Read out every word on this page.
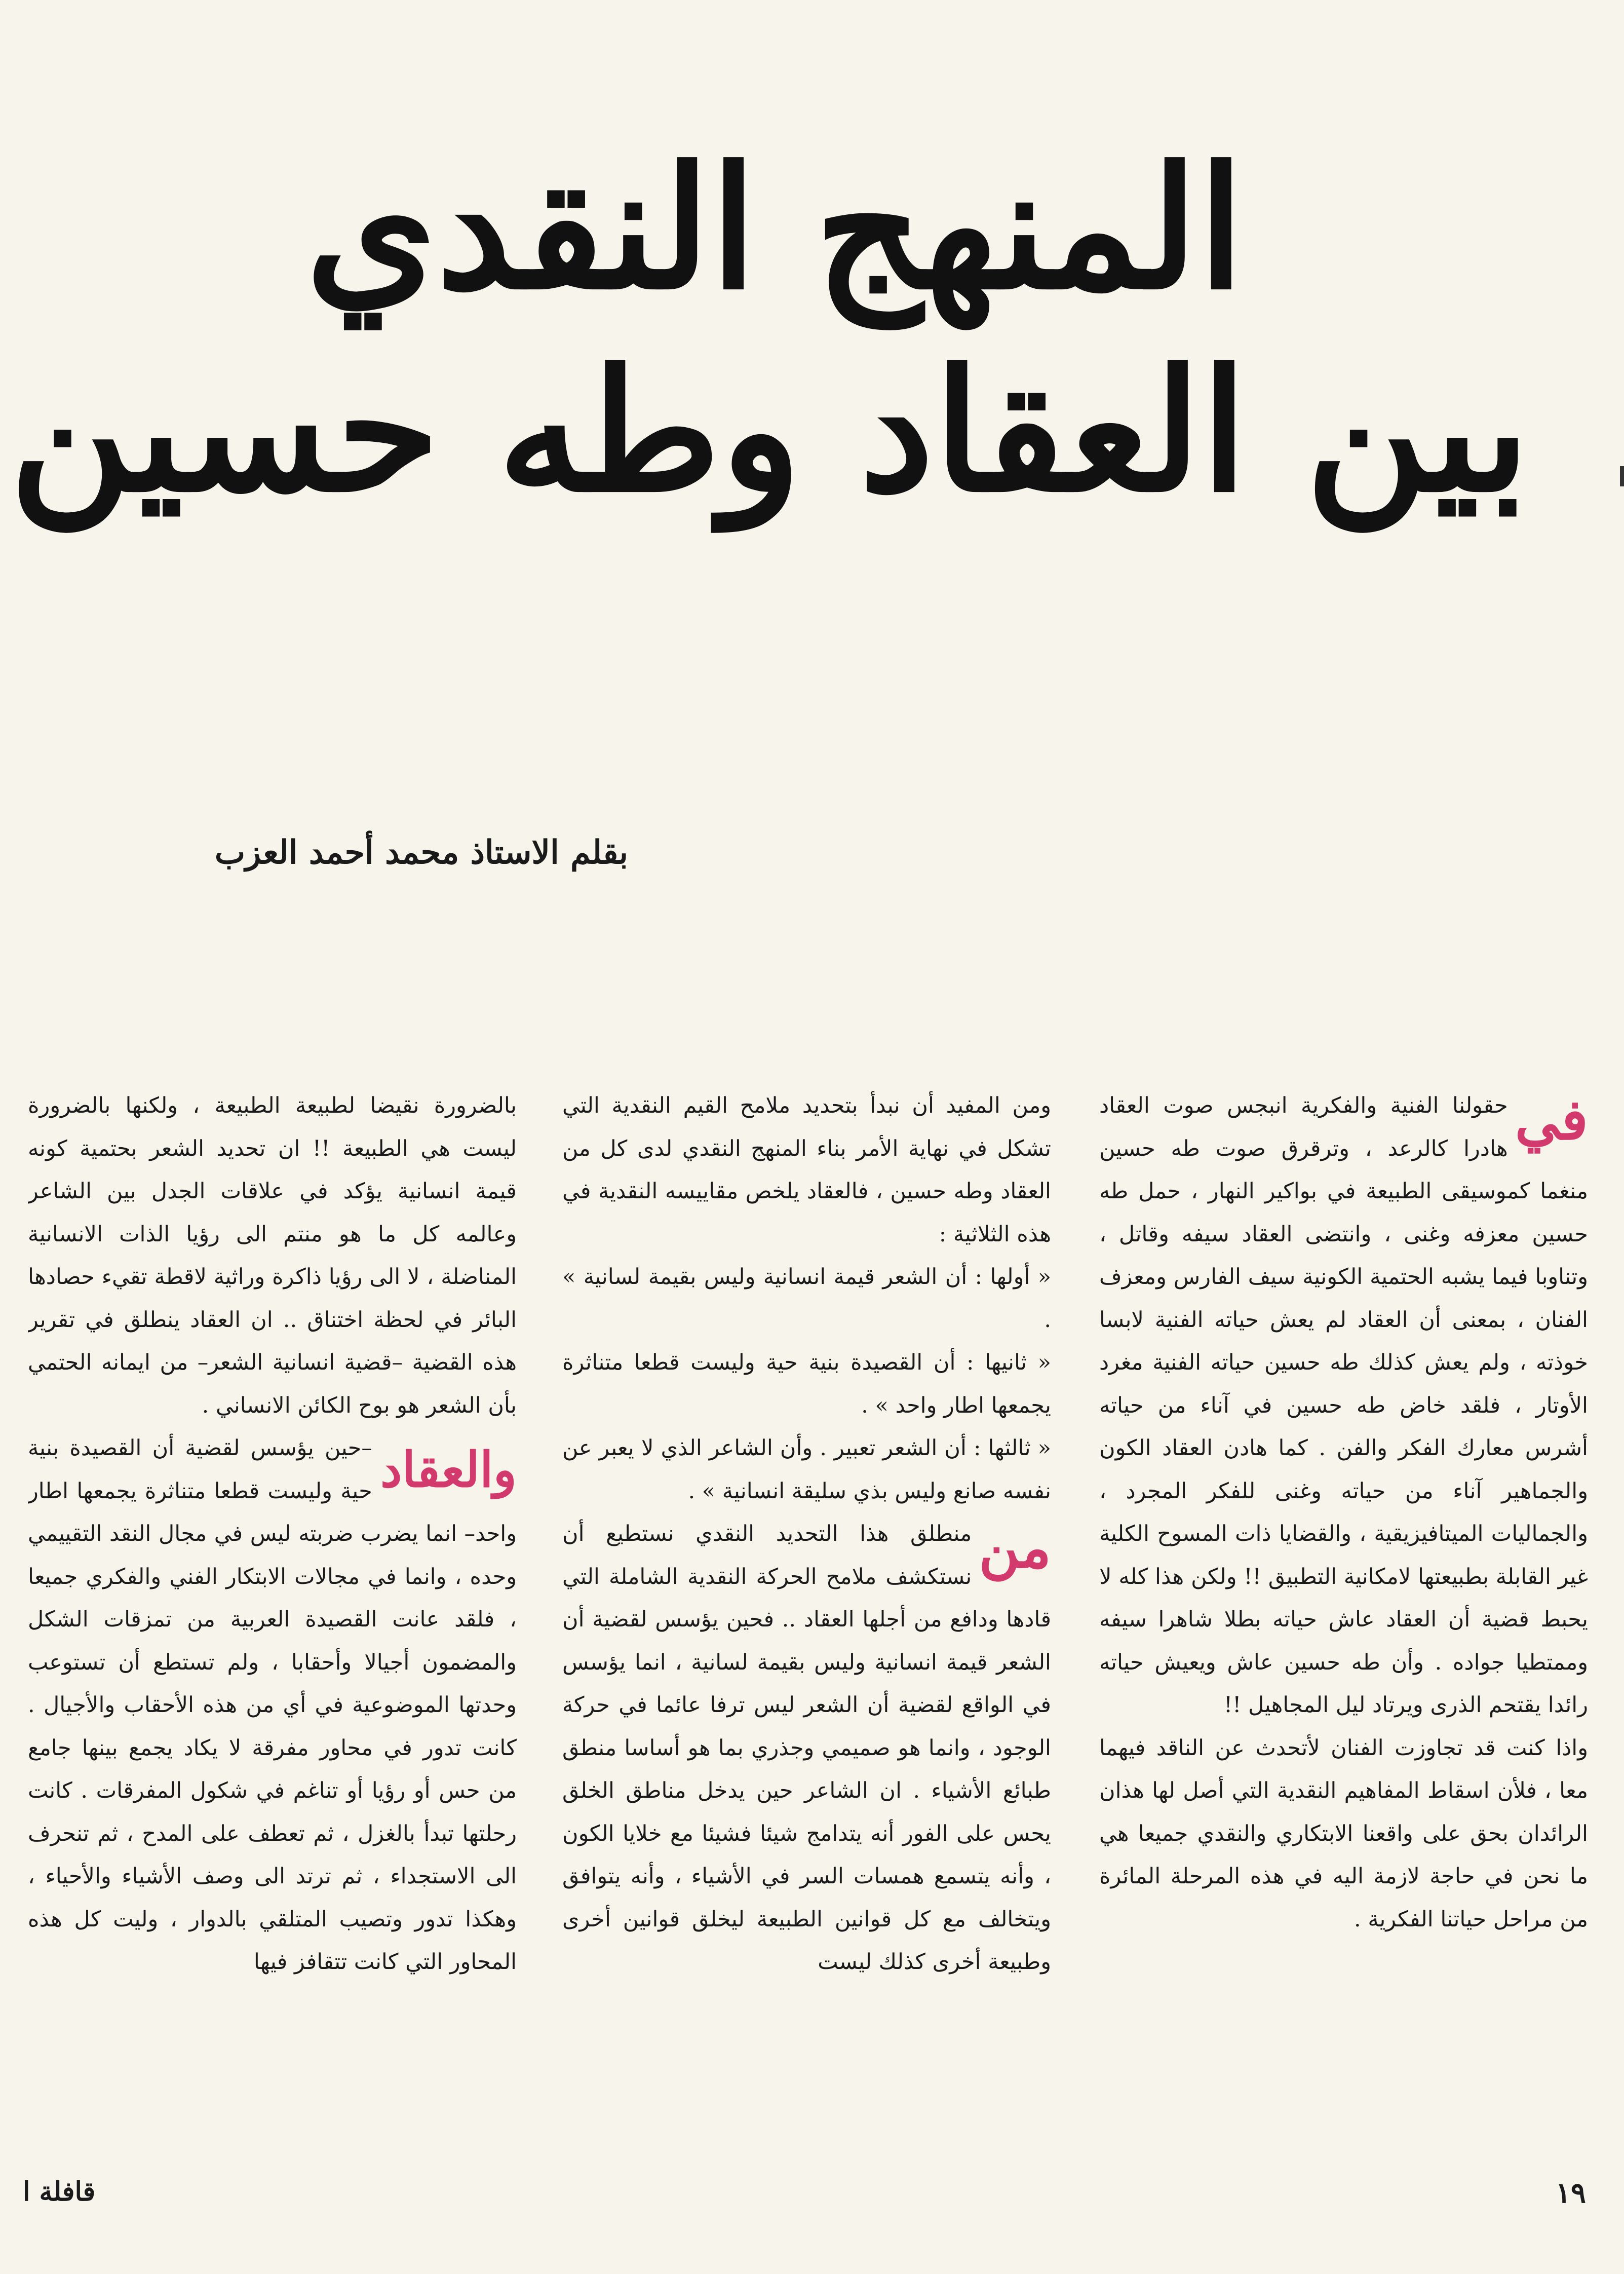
المنهج النقدي
بين العقاد وطه حسين
بقلم الاستاذ محمد أحمد العزب

في
حقولنا الفنية والفكرية انبجس صوت العقاد هادرا كالرعد ، وترقرق صوت طه حسين منغما كموسيقى الطبيعة في بواكير النهار ، حمل طه حسين معزفه وغنى ، وانتضى العقاد سيفه وقاتل ، وتناوبا فيما يشبه الحتمية الكونية سيف الفارس ومعزف الفنان ، بمعنى أن العقاد لم يعش حياته الفنية لابسا خوذته ، ولم يعش كذلك طه حسين حياته الفنية مغرد الأوتار ، فلقد خاض طه حسين في آناء من حياته أشرس معارك الفكر والفن . كما هادن العقاد الكون والجماهير آناء من حياته وغنى للفكر المجرد ، والجماليات الميتافيزيقية ، والقضايا ذات المسوح الكلية غير القابلة بطبيعتها لامكانية التطبيق !! ولكن هذا كله لا يحبط قضية أن العقاد عاش حياته بطلا شاهرا سيفه وممتطيا جواده . وأن طه حسين عاش ويعيش حياته رائدا يقتحم الذرى ويرتاد ليل المجاهيل !!

واذا كنت قد تجاوزت الفنان لأتحدث عن الناقد فيهما معا ، فلأن اسقاط المفاهيم النقدية التي أصل لها هذان الرائدان بحق على واقعنا الابتكاري والنقدي جميعا هي ما نحن في حاجة لازمة اليه في هذه المرحلة المائرة من مراحل حياتنا الفكرية .

ومن المفيد أن نبدأ بتحديد ملامح القيم النقدية التي تشكل في نهاية الأمر بناء المنهج النقدي لدى كل من العقاد وطه حسين ، فالعقاد يلخص مقاييسه النقدية في هذه الثلاثية :

« أولها : أن الشعر قيمة انسانية وليس بقيمة لسانية » .

« ثانيها : أن القصيدة بنية حية وليست قطعا متناثرة يجمعها اطار واحد » .

« ثالثها : أن الشعر تعبير . وأن الشاعر الذي لا يعبر عن نفسه صانع وليس بذي سليقة انسانية » .

من
منطلق هذا التحديد النقدي نستطيع أن نستكشف ملامح الحركة النقدية الشاملة التي قادها ودافع من أجلها العقاد .. فحين يؤسس لقضية أن الشعر قيمة انسانية وليس بقيمة لسانية ، انما يؤسس في الواقع لقضية أن الشعر ليس ترفا عائما في حركة الوجود ، وانما هو صميمي وجذري بما هو أساسا منطق طبائع الأشياء . ان الشاعر حين يدخل مناطق الخلق يحس على الفور أنه يتدامج شيئا فشيئا مع خلايا الكون ، وأنه يتسمع همسات السر في الأشياء ، وأنه يتوافق ويتخالف مع كل قوانين الطبيعة ليخلق قوانين أخرى وطبيعة أخرى كذلك ليست

بالضرورة نقيضا لطبيعة الطبيعة ، ولكنها بالضرورة ليست هي الطبيعة !! ان تحديد الشعر بحتمية كونه قيمة انسانية يؤكد في علاقات الجدل بين الشاعر وعالمه كل ما هو منتم الى رؤيا الذات الانسانية المناضلة ، لا الى رؤيا ذاكرة وراثية لاقطة تقيء حصادها البائر في لحظة اختناق .. ان العقاد ينطلق في تقرير هذه القضية –قضية انسانية الشعر– من ايمانه الحتمي بأن الشعر هو بوح الكائن الانساني .

والعقاد
–حين يؤسس لقضية أن القصيدة بنية حية وليست قطعا متناثرة يجمعها اطار واحد– انما يضرب ضربته ليس في مجال النقد التقييمي وحده ، وانما في مجالات الابتكار الفني والفكري جميعا ، فلقد عانت القصيدة العربية من تمزقات الشكل والمضمون أجيالا وأحقابا ، ولم تستطع أن تستوعب وحدتها الموضوعية في أي من هذه الأحقاب والأجيال . كانت تدور في محاور مفرقة لا يكاد يجمع بينها جامع من حس أو رؤيا أو تناغم في شكول المفرقات . كانت رحلتها تبدأ بالغزل ، ثم تعطف على المدح ، ثم تنحرف الى الاستجداء ، ثم ترتد الى وصف الأشياء والأحياء ، وهكذا تدور وتصيب المتلقي بالدوار ، وليت كل هذه المحاور التي كانت تتقافز فيها

١٩
قافلة ا
